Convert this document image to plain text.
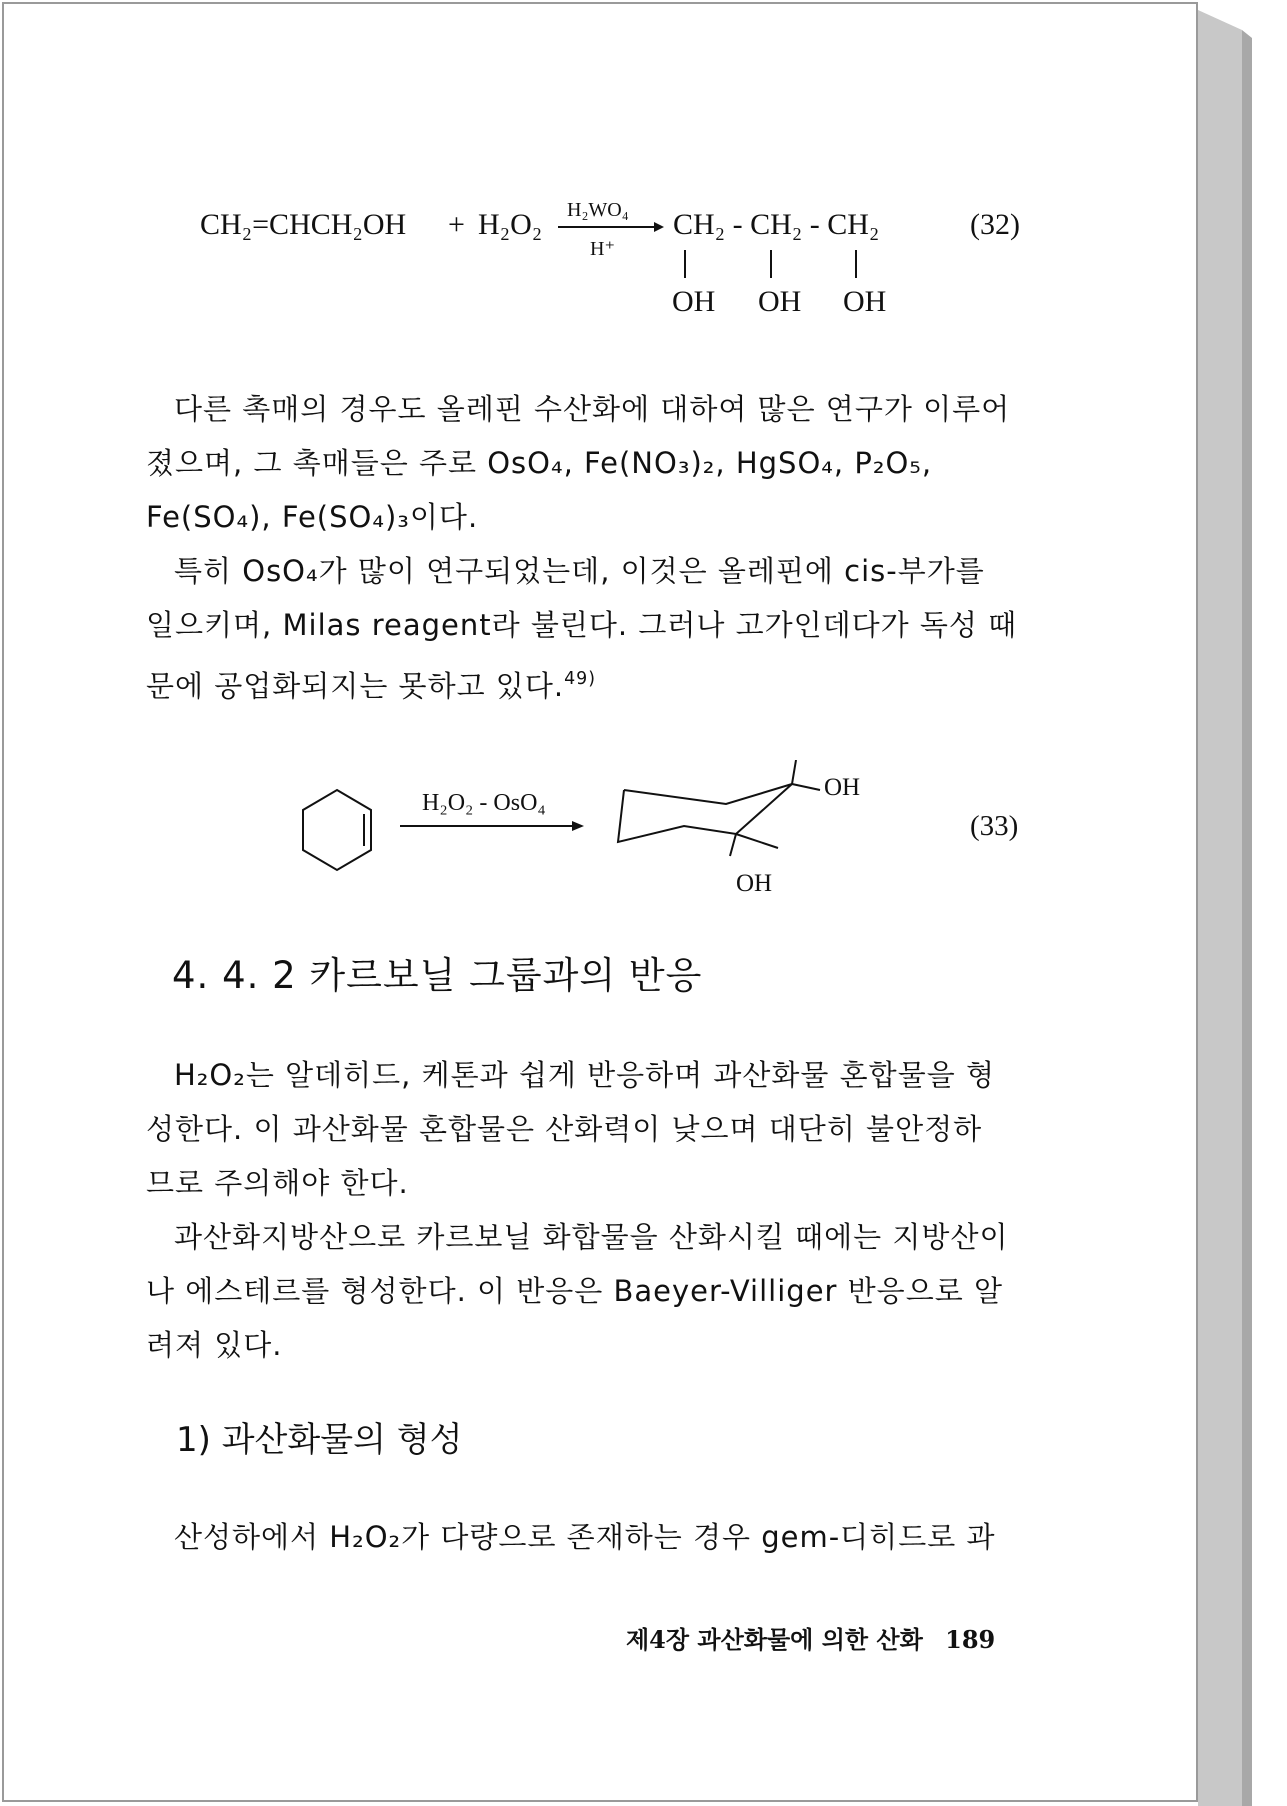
CH₂=CHCH₂OH + H₂O₂ H₂WO₄
H⁺
CH₂ - CH₂ - CH₂
OH OH OH
(32)

다른 촉매의 경우도 올레핀 수산화에 대하여 많은 연구가 이루어

졌으며, 그 촉매들은 주로 OsO₄, Fe(NO₃)₂, HgSO₄, P₂O₅,

Fe(SO₄), Fe(SO₄)₃이다.

특히 OsO₄가 많이 연구되었는데, 이것은 올레핀에 cis-부가를

일으키며, Milas reagent라 불린다. 그러나 고가인데다가 독성 때

문에 공업화되지는 못하고 있다.$^{49)}$

H₂O₂ - OsO₄
OH
OH
(33)
4. 4. 2 카르보닐 그룹과의 반응

H₂O₂는 알데히드, 케톤과 쉽게 반응하며 과산화물 혼합물을 형

성한다. 이 과산화물 혼합물은 산화력이 낮으며 대단히 불안정하

므로 주의해야 한다.

과산화지방산으로 카르보닐 화합물을 산화시킬 때에는 지방산이

나 에스테르를 형성한다. 이 반응은 Baeyer-Villiger 반응으로 알

려져 있다.

1) 과산화물의 형성

산성하에서 H₂O₂가 다량으로 존재하는 경우 gem-디히드로 과

제4장 과산화물에 의한 산화 189
